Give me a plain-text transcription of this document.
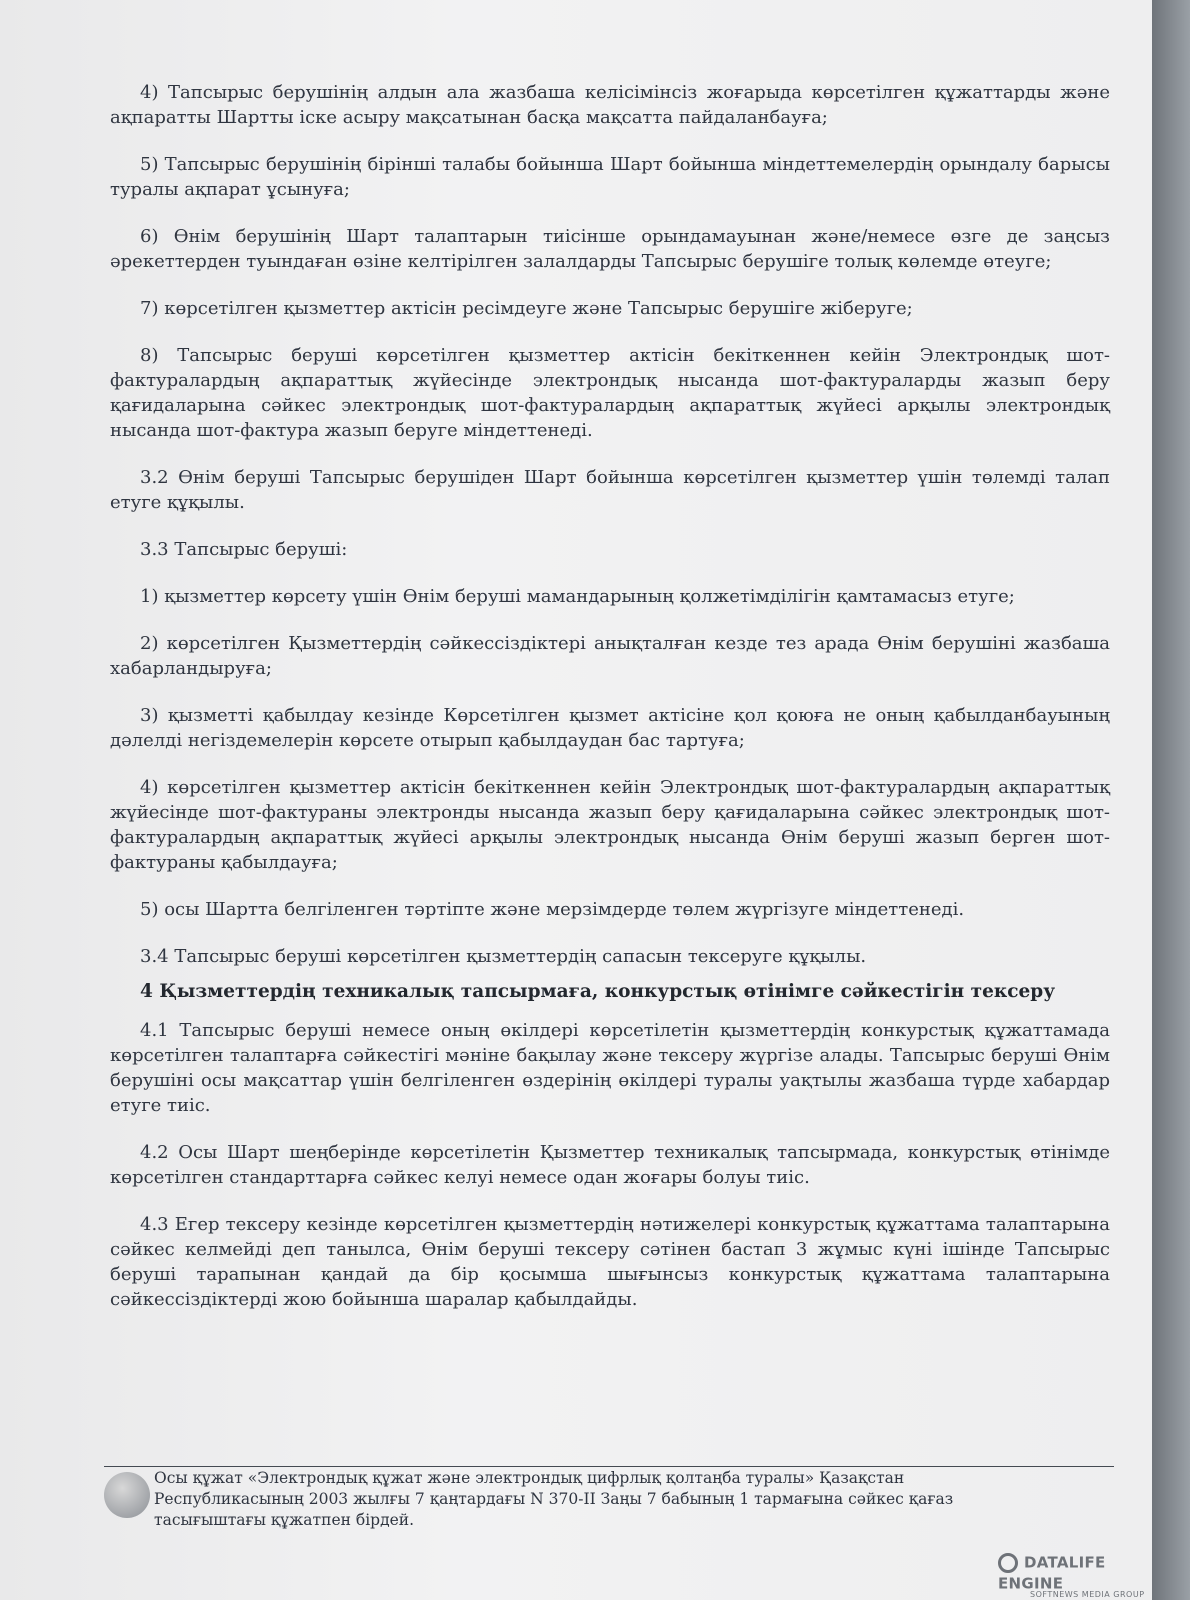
4) Тапсырыс берушінің алдын ала жазбаша келісімінсіз жоғарыда көрсетілген құжаттарды және ақпаратты Шартты іске асыру мақсатынан басқа мақсатта пайдаланбауға;

5) Тапсырыс берушінің бірінші талабы бойынша Шарт бойынша міндеттемелердің орындалу барысы туралы ақпарат ұсынуға;

6) Өнім берушінің Шарт талаптарын тиісінше орындамауынан және/немесе өзге де заңсыз әрекеттерден туындаған өзіне келтірілген залалдарды Тапсырыс берушіге толық көлемде өтеуге;

7) көрсетілген қызметтер актісін ресімдеуге және Тапсырыс берушіге жіберуге;

8) Тапсырыс беруші көрсетілген қызметтер актісін бекіткеннен кейін Электрондық шот-фактуралардың ақпараттық жүйесінде электрондық нысанда шот-фактураларды жазып беру қағидаларына сәйкес электрондық шот-фактуралардың ақпараттық жүйесі арқылы электрондық нысанда шот-фактура жазып беруге міндеттенеді.

3.2 Өнім беруші Тапсырыс берушіден Шарт бойынша көрсетілген қызметтер үшін төлемді талап етуге құқылы.

3.3 Тапсырыс беруші:

1) қызметтер көрсету үшін Өнім беруші мамандарының қолжетімділігін қамтамасыз етуге;

2) көрсетілген Қызметтердің сәйкессіздіктері анықталған кезде тез арада Өнім берушіні жазбаша хабарландыруға;

3) қызметті қабылдау кезінде Көрсетілген қызмет актісіне қол қоюға не оның қабылданбауының дәлелді негіздемелерін көрсете отырып қабылдаудан бас тартуға;

4) көрсетілген қызметтер актісін бекіткеннен кейін Электрондық шот-фактуралардың ақпараттық жүйесінде шот-фактураны электронды нысанда жазып беру қағидаларына сәйкес электрондық шот-фактуралардың ақпараттық жүйесі арқылы электрондық нысанда Өнім беруші жазып берген шот-фактураны қабылдауға;

5) осы Шартта белгіленген тәртіпте және мерзімдерде төлем жүргізуге міндеттенеді.

3.4 Тапсырыс беруші көрсетілген қызметтердің сапасын тексеруге құқылы.

4 Қызметтердің техникалық тапсырмаға, конкурстық өтінімге сәйкестігін тексеру

4.1 Тапсырыс беруші немесе оның өкілдері көрсетілетін қызметтердің конкурстық құжаттамада көрсетілген талаптарға сәйкестігі мәніне бақылау және тексеру жүргізе алады. Тапсырыс беруші Өнім берушіні осы мақсаттар үшін белгіленген өздерінің өкілдері туралы уақтылы жазбаша түрде хабардар етуге тиіс.

4.2 Осы Шарт шеңберінде көрсетілетін Қызметтер техникалық тапсырмада, конкурстық өтінімде көрсетілген стандарттарға сәйкес келуі немесе одан жоғары болуы тиіс.

4.3 Егер тексеру кезінде көрсетілген қызметтердің нәтижелері конкурстық құжаттама талаптарына сәйкес келмейді деп танылса, Өнім беруші тексеру сәтінен бастап 3 жұмыс күні ішінде Тапсырыс беруші тарапынан қандай да бір қосымша шығынсыз конкурстық құжаттама талаптарына сәйкессіздіктерді жою бойынша шаралар қабылдайды.

Осы құжат «Электрондық құжат және электрондық цифрлық қолтаңба туралы» Қазақстан Республикасының 2003 жылғы 7 қаңтардағы N 370-II Заңы 7 бабының 1 тармағына сәйкес қағаз тасығыштағы құжатпен бірдей.
DATALIFE ENGINE
SOFTNEWS MEDIA GROUP
